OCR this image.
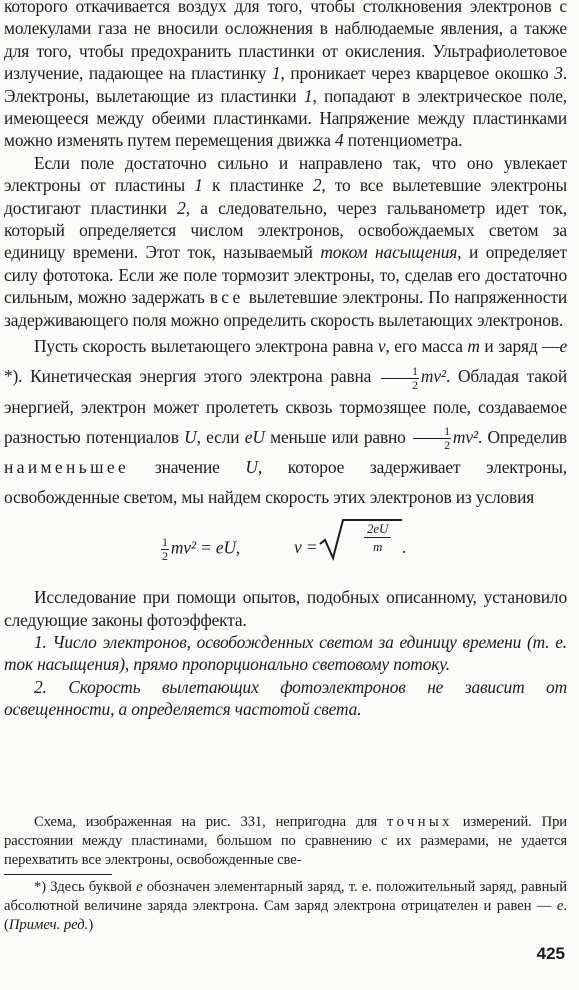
которого откачивается воздух для того, чтобы столкновения электронов с молекулами газа не вносили осложнения в наблюдаемые явления, а также для того, чтобы предохранить пластинки от окисления. Ультрафиолетовое излучение, падающее на пластинку 1, проникает через кварцевое окошко 3. Электроны, вылетающие из пластинки 1, попадают в электрическое поле, имеющееся между обеими пластинками. Напряжение между пластинками можно изменять путем перемещения движка 4 потенциометра.

Если поле достаточно сильно и направлено так, что оно увлекает электроны от пластины 1 к пластинке 2, то все вылетевшие электроны достигают пластинки 2, а следовательно, через гальванометр идет ток, который определяется числом электронов, освобождаемых светом за единицу времени. Этот ток, называемый током насыщения, и определяет силу фототока. Если же поле тормозит электроны, то, сделав его достаточно сильным, можно задержать все вылетевшие электроны. По напряженности задерживающего поля можно определить скорость вылетающих электронов.

Пусть скорость вылетающего электрона равна v, его масса m и заряд —e *). Кинетическая энергия этого электрона равна $\frac{1}{2} mv^2$. Обладая такой энергией, электрон может пролететь сквозь тормозящее поле, создаваемое разностью потенциалов U, если eU меньше или равно $\frac{1}{2} mv^2$. Определив наименьшее значение U, которое задерживает электроны, освобожденные светом, мы найдем скорость этих электронов из условия

$\frac{1}{2} mv^2$ = eU,	v =	$\frac{2eU}{m}$ .

Исследование при помощи опытов, подобных описанному, установило следующие законы фотоэффекта.

1. Число электронов, освобожденных светом за единицу времени (т. е. ток насыщения), прямо пропорционально световому потоку.

2. Скорость вылетающих фотоэлектронов не зависит от освещенности, а определяется частотой света.

Схема, изображенная на рис. 331, непригодна для точных измерений. При расстоянии между пластинами, большом по сравнению с их размерами, не удается перехватить все электроны, освобожденные све-

*) Здесь буквой e обозначен элементарный заряд, т. е. положительный заряд, равный абсолютной величине заряда электрона. Сам заряд электрона отрицателен и равен — e. (Примеч. ред.)

425
